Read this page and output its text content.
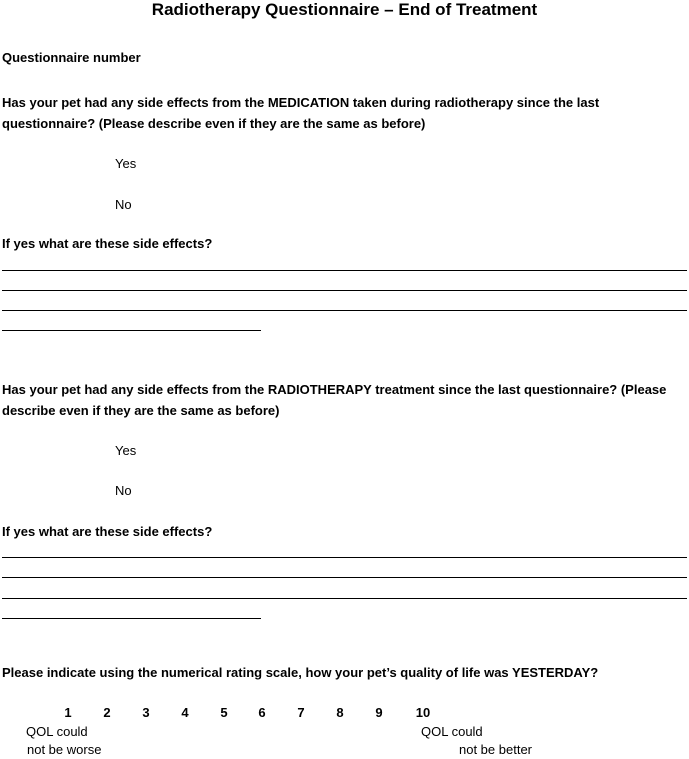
Radiotherapy Questionnaire – End of Treatment
Questionnaire number
Has your pet had any side effects from the MEDICATION taken during radiotherapy since the last questionnaire? (Please describe even if they are the same as before)
Yes
No
If yes what are these side effects?
Has your pet had any side effects from the RADIOTHERAPY treatment since the last questionnaire? (Please describe even if they are the same as before)
Yes
No
If yes what are these side effects?
Please indicate using the numerical rating scale, how your pet’s quality of life was YESTERDAY?
1	2	3	4	5	6	7	8	9	10
QOL could
not be worse
QOL could
not be better
